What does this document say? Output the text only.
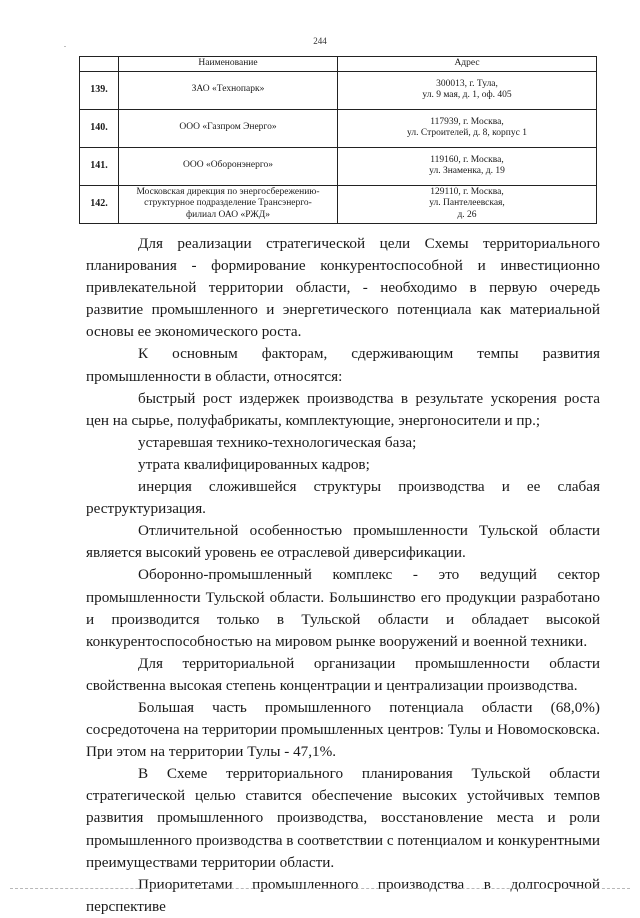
.	244
	Наименование	Адрес
139.	ЗАО «Технопарк»	300013, г. Тула,
ул. 9 мая, д. 1, оф. 405

140.	ООО «Газпром Энерго»	117939, г. Москва,
ул. Строителей, д. 8, корпус 1

141.	ООО «Оборонэнерго»	119160, г. Москва,
ул. Знаменка, д. 19

142.	Московская дирекция по энергосбережению-
структурное подразделение Трансэнерго-
филиал ОАО «РЖД»	129110, г. Москва,
ул. Пантелеевская,
д. 26

Для реализации стратегической цели Схемы территориального планирования - формирование конкурентоспособной и инвестиционно привлекательной территории области, - необходимо в первую очередь развитие промышленного и энергетического потенциала как материальной основы ее экономического роста.

К основным факторам, сдерживающим темпы развития промышленности в области, относятся:

быстрый рост издержек производства в результате ускорения роста цен на сырье, полуфабрикаты, комплектующие, энергоносители и пр.;

устаревшая технико-технологическая база;

утрата квалифицированных кадров;

инерция сложившейся структуры производства и ее слабая реструктуризация.

Отличительной особенностью промышленности Тульской области является высокий уровень ее отраслевой диверсификации.

Оборонно-промышленный комплекс - это ведущий сектор промышленности Тульской области. Большинство его продукции разработано и производится только в Тульской области и обладает высокой конкурентоспособностью на мировом рынке вооружений и военной техники.

Для территориальной организации промышленности области свойственна высокая степень концентрации и централизации производства.

Большая часть промышленного потенциала области (68,0%) сосредоточена на территории промышленных центров: Тулы и Новомосковска. При этом на территории Тулы - 47,1%.

В Схеме территориального планирования Тульской области стратегической целью ставится обеспечение высоких устойчивых темпов развития промышленного производства, восстановление места и роли промышленного производства в соответствии с потенциалом и конкурентными преимуществами территории области.

Приоритетами промышленного производства в долгосрочной перспективе
